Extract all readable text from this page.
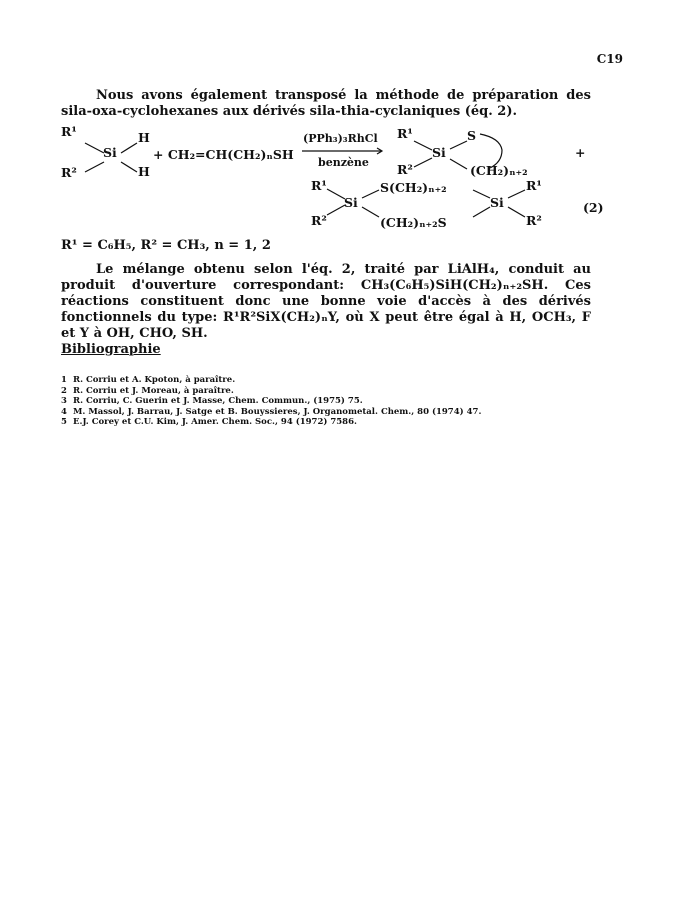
C19

Nous avons également transposé la méthode de préparation des sila-oxa-cyclohexanes aux dérivés sila-thia-cyclaniques (éq. 2).

R¹
R²
Si
H
H
+ CH₂=CH(CH₂)ₙSH
(PPh₃)₃RhCl
benzène
R¹
R²
Si
S
(CH₂)ₙ₊₂
+
R¹
R²
Si
S(CH₂)ₙ₊₂
(CH₂)ₙ₊₂S
Si
R¹
R²
(2)
R¹ = C₆H₅, R² = CH₃, n = 1, 2

Le mélange obtenu selon l'éq. 2, traité par LiAlH₄, conduit au produit d'ouverture correspondant: CH₃(C₆H₅)SiH(CH₂)ₙ₊₂SH. Ces réactions constituent donc une bonne voie d'accès à des dérivés fonctionnels du type: R¹R²SiX(CH₂)ₙY, où X peut être égal à H, OCH₃, F et Y à OH, CHO, SH.

Bibliographie

1 R. Corriu et A. Kpoton, à paraître.
2 R. Corriu et J. Moreau, à paraître.
3 R. Corriu, C. Guerin et J. Masse, Chem. Commun., (1975) 75.
4 M. Massol, J. Barrau, J. Satge et B. Bouyssieres, J. Organometal. Chem., 80 (1974) 47.
5 E.J. Corey et C.U. Kim, J. Amer. Chem. Soc., 94 (1972) 7586.
